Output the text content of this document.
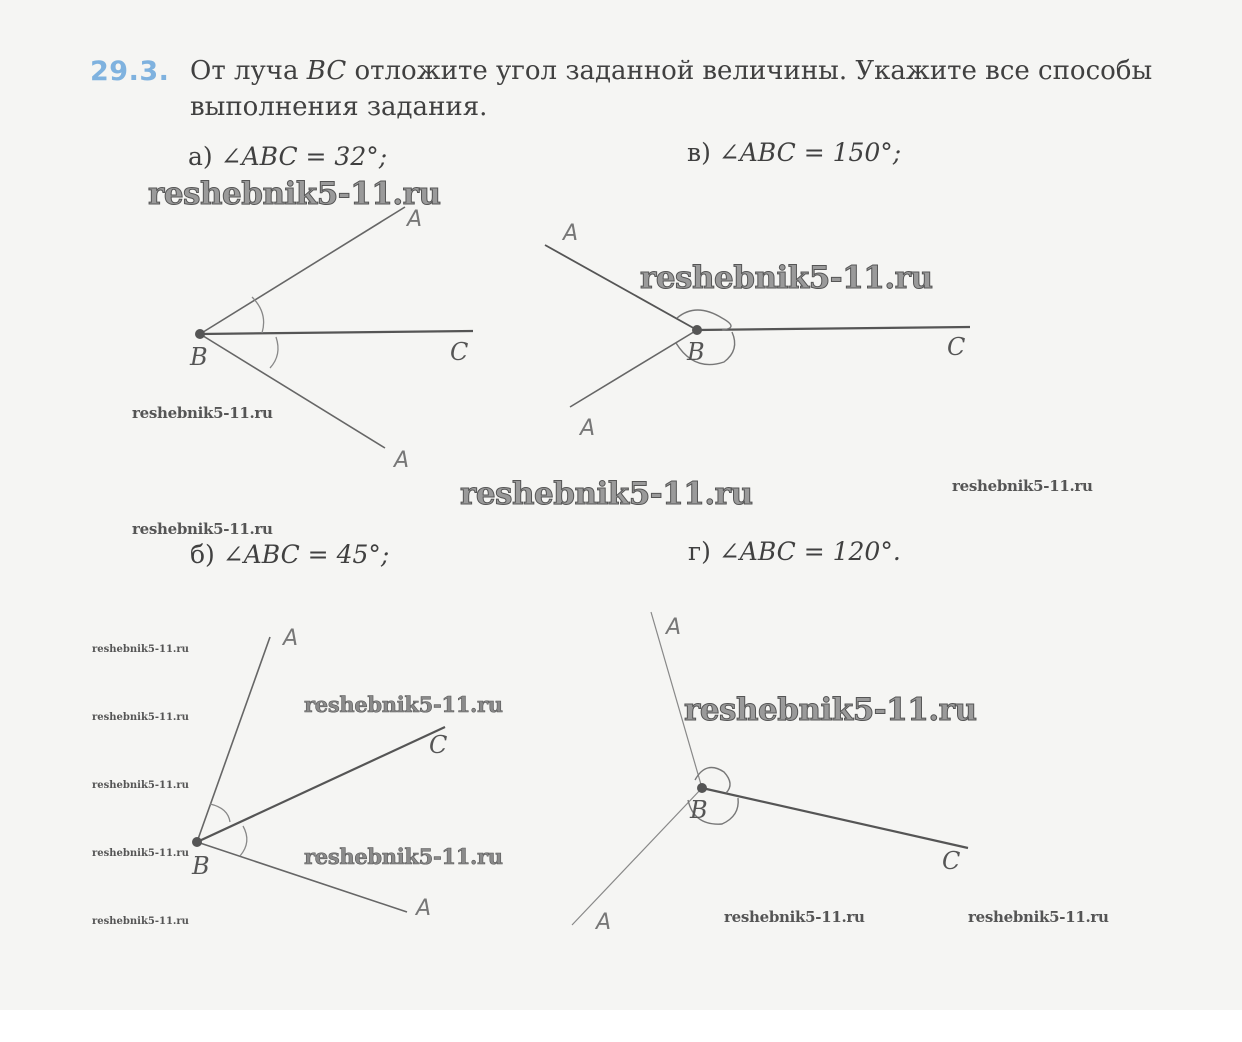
29.3. От луча BC отложите угол заданной величины. Укажите все способы
выполнения задания.
а) ∠ABC = 32°;
б) ∠ABC = 45°;
в) ∠ABC = 150°;
г) ∠ABC = 120°.
B	C
A
A
B	C
A
A
B
C
A
A
B
C
A
A
reshebnik5-11.ru
reshebnik5-11.ru
reshebnik5-11.ru
reshebnik5-11.ru
reshebnik5-11.ru
reshebnik5-11.ru
reshebnik5-11.ru
reshebnik5-11.ru
reshebnik5-11.ru
reshebnik5-11.ru	reshebnik5-11.ru
reshebnik5-11.ru
reshebnik5-11.ru
reshebnik5-11.ru
reshebnik5-11.ru
reshebnik5-11.ru
